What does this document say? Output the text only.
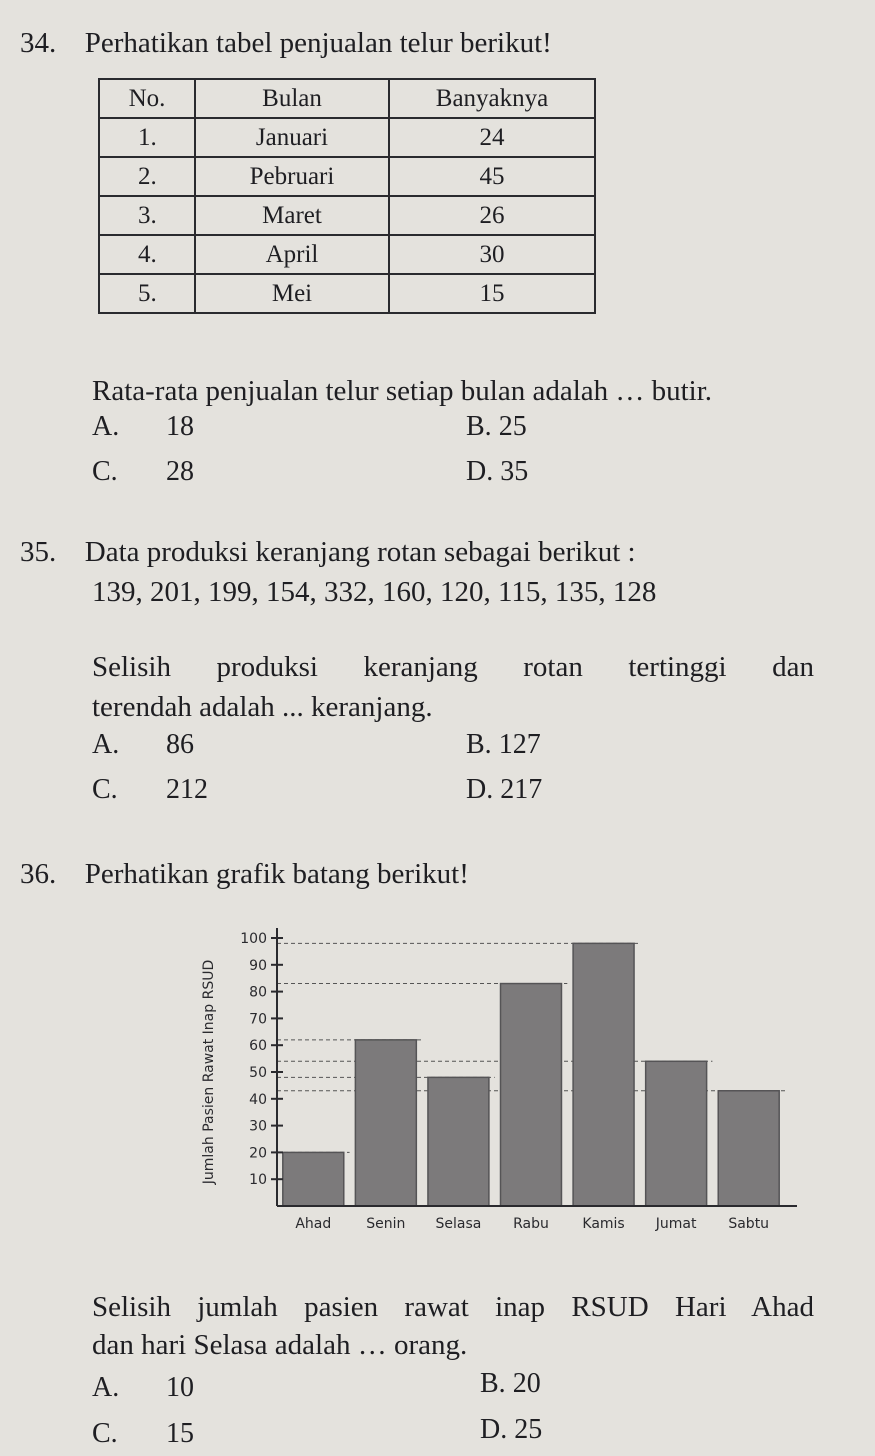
34. Perhatikan tabel penjualan telur berikut!
No.	Bulan	Banyaknya
1.	Januari	24
2.	Pebruari	45
3.	Maret	26
4.	April	30
5.	Mei	15
Rata-rata penjualan telur setiap bulan adalah … butir.
A. 18	B. 25
C. 28	D. 35
35. Data produksi keranjang rotan sebagai berikut :
139, 201, 199, 154, 332, 160, 120, 115, 135, 128
Selisih produksi keranjang rotan tertinggi dan
terendah adalah ... keranjang.
A. 86	B. 127
C. 212	D. 217
36. Perhatikan grafik batang berikut!
Jumlah Pasien Rawat Inap RSUD 10
20
30
40
50
60
70
80
90
100
Ahad	Senin Selasa Rabu Kamis Jumat Sabtu
Selisih jumlah pasien rawat inap RSUD Hari Ahad
dan hari Selasa adalah … orang.
A. 10	B. 20
C. 15	D. 25
